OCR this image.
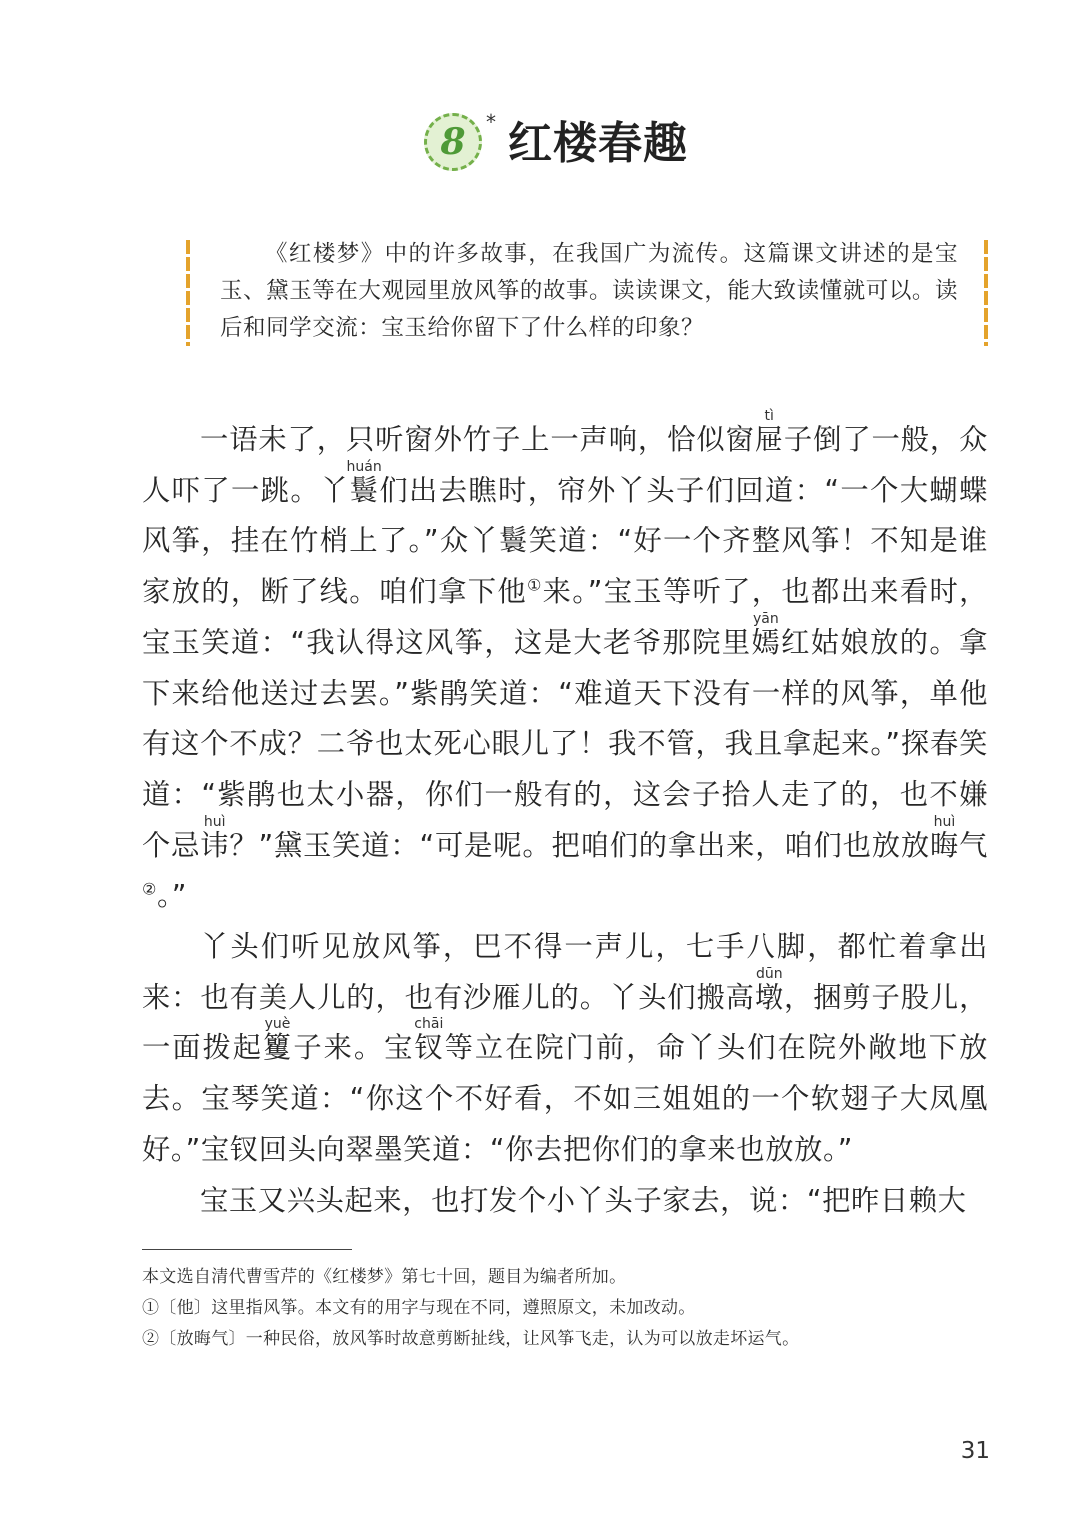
8	* 红楼春趣

《红楼梦》中的许多故事，在我国广为流传。这篇课文讲述的是宝玉、黛玉等在大观园里放风筝的故事。读读课文，能大致读懂就可以。读后和同学交流：宝玉给你留下了什么样的印象？

一语未了，只听窗外竹子上一声响，恰似窗屉tì子倒了一般，众人吓了一跳。丫鬟huán们出去瞧时，帘外丫头子们回道：“一个大蝴蝶风筝，挂在竹梢上了。”众丫鬟笑道：“好一个齐整风筝！不知是谁家放的，断了线。咱们拿下他①来。”宝玉等听了，也都出来看时，宝玉笑道：“我认得这风筝，这是大老爷那院里嫣yān红姑娘放的。拿下来给他送过去罢。”紫鹃笑道：“难道天下没有一样的风筝，单他有这个不成？二爷也太死心眼儿了！我不管，我且拿起来。”探春笑道：“紫鹃也太小器，你们一般有的，这会子拾人走了的，也不嫌个忌讳huì？”黛玉笑道：“可是呢。把咱们的拿出来，咱们也放放晦huì气②。”

丫头们听见放风筝，巴不得一声儿，七手八脚，都忙着拿出来：也有美人儿的，也有沙雁儿的。丫头们搬高墩dūn，捆剪子股儿，一面拨起籰yuè子来。宝钗chāi等立在院门前，命丫头们在院外敞地下放去。宝琴笑道：“你这个不好看，不如三姐姐的一个软翅子大凤凰好。”宝钗回头向翠墨笑道：“你去把你们的拿来也放放。”

宝玉又兴头起来，也打发个小丫头子家去，说：“把昨日赖大

本文选自清代曹雪芹的《红楼梦》第七十回，题目为编者所加。

①〔他〕这里指风筝。本文有的用字与现在不同，遵照原文，未加改动。

②〔放晦气〕一种民俗，放风筝时故意剪断扯线，让风筝飞走，认为可以放走坏运气。

31
